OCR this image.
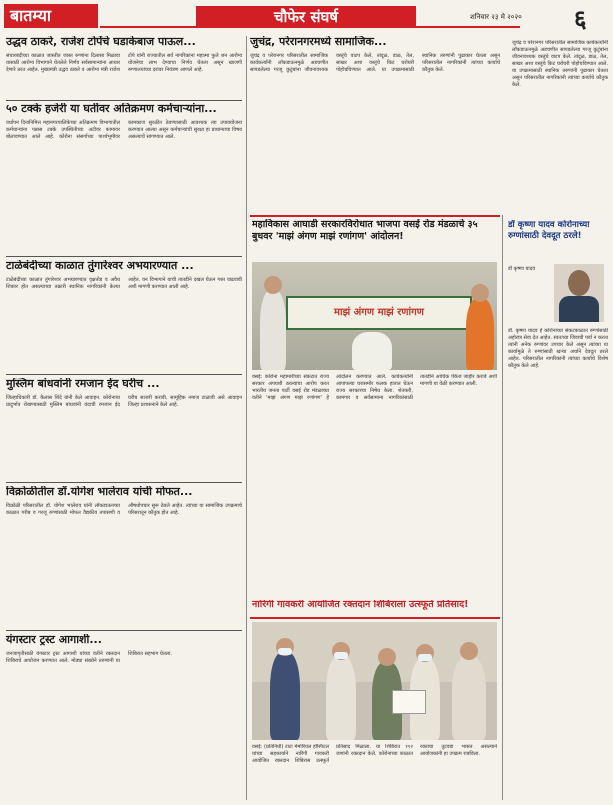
बातम्या	चौफेर संघर्ष	शनिवार २३ मे २०२० ६
उद्धव ठाकरे, राजेश टोपेंचे घडाकेबाज पाऊल...
संचारबंदीच्या काळात जास्तीत जास्त रुग्णांना दिलासा मिळावा यासाठी आरोग्य विभागाने घेतलेले निर्णय सर्वसामान्यांना आधार देणारे ठरत आहेत. मुख्यमंत्री उद्धव ठाकरे व आरोग्य मंत्री राजेश टोपे यांनी राज्यातील सर्व नागरिकांना महात्मा फुले जन आरोग्य योजनेचा लाभ देण्याचा निर्णय घेतला असून खाजगी रुग्णालयांच्या दरांवर नियंत्रण आणले आहे.
५० टक्के हजेरी या घर्तीवर अतिक्रमण कर्मचाऱ्यांना...
वर्धापन दिनानिमित्त महानगरपालिकेच्या अतिक्रमण विभागातील कर्मचाऱ्यांना पन्नास टक्के उपस्थितीच्या अटीवर कामावर बोलावण्यात आले आहे. कोरोना संसर्गाच्या पार्श्वभूमीवर कामकाज सुरळीत ठेवण्यासाठी आवश्यक त्या उपाययोजना करण्यात आल्या असून कर्मचाऱ्यांची सुरक्षा हा प्राधान्याचा विषय असल्याचे सांगण्यात आले.
टाळेबंदीच्या काळात तुंगारेश्वर अभयारण्यात ...
टाळेबंदीच्या काळात तुंगारेश्वर अभयारण्यात वृक्षतोड व अवैध शिकार होत असल्याच्या तक्रारी स्थानिक नागरिकांनी केल्या आहेत. वन विभागाने याची तातडीने दखल घेऊन गस्त वाढवावी अशी मागणी करण्यात आली आहे.
मुस्लिम बांधवांनी रमजान ईद घरीच ...
जिल्हाधिकारी डॉ. कैलास शिंदे यांनी केले आवाहन. कोरोनाचा प्रादुर्भाव रोखण्यासाठी मुस्लिम बांधवांनी यंदाची रमजान ईद घरीच साजरी करावी, सामूहिक नमाज टाळावी असे आवाहन जिल्हा प्रशासनाने केले आहे.
विक्रोळीतील डॉ.योगेश भालेराव यांची मोफत...
विक्रोळी परिसरातील डॉ. योगेश भालेराव यांनी लॉकडाऊनच्या काळात गरीब व गरजू रुग्णांसाठी मोफत वैद्यकीय तपासणी व औषधोपचार सुरू ठेवले आहेत. त्यांच्या या सामाजिक उपक्रमाचे परिसरातून कौतुक होत आहे.
यंगस्टार ट्रस्ट आगाशी...
जनजागृतीसाठी यंगस्टार ट्रस्ट आगाशी यांच्या वतीने रक्तदान शिबिराचे आयोजन करण्यात आले. मोठ्या संख्येने तरुणांनी या शिबिरात सहभाग घेतला.
जुचंद्र, परेरानगरमध्ये सामाजिक...
जुचंद्र व परेरानगर परिसरातील सामाजिक कार्यकर्त्यांनी लॉकडाऊनमुळे अडचणीत सापडलेल्या गरजू कुटुंबांना जीवनावश्यक वस्तूंचे वाटप केले. तांदूळ, डाळ, तेल, साखर अशा वस्तूंचे किट घरोघरी पोहोचविण्यात आले. या उपक्रमासाठी स्थानिक तरुणांनी पुढाकार घेतला असून परिसरातील नागरिकांनी त्यांच्या कार्याचे कौतुक केले.
जुचंद्र व परेरानगर परिसरातील सामाजिक कार्यकर्त्यांनी लॉकडाऊनमुळे अडचणीत सापडलेल्या गरजू कुटुंबांना जीवनावश्यक वस्तूंचे वाटप केले. तांदूळ, डाळ, तेल, साखर अशा वस्तूंचे किट घरोघरी पोहोचविण्यात आले. या उपक्रमासाठी स्थानिक तरुणांनी पुढाकार घेतला असून परिसरातील नागरिकांनी त्यांच्या कार्याचे कौतुक केले.
महाविकास आघाडी सरकारविरोधात भाजपा वसई रोड मंडळाचे ३५ बुधवर 'माझं अंगण माझं रणांगण' आंदोलन!
माझं अंगण माझं रणांगण
वसई: कोरोना महामारीच्या संकटात राज्य सरकार अपयशी ठरल्याचा आरोप करत भारतीय जनता पार्टी वसई रोड मंडळाच्या वतीने 'माझं अंगण माझं रणांगण' हे आंदोलन करण्यात आले. कार्यकर्त्यांनी आपापल्या घरासमोर फलक हातात घेऊन राज्य सरकारचा निषेध केला. शेतकरी, कामगार व सर्वसामान्य नागरिकांसाठी तातडीने आर्थिक पॅकेज जाहीर करावे अशी मागणी या वेळी करण्यात आली.
डॉ कृष्णा यादव कोरोनाच्या रुग्णांसाठी देवदूत ठरले!
डॉ कृष्णा यादव
डॉ. कृष्णा यादव हे कोरोनाच्या संकटकाळात रुग्णांसाठी अहोरात्र सेवा देत आहेत. स्वतःच्या जिवाची पर्वा न करता त्यांनी अनेक रुग्णांवर उपचार केले असून त्यांच्या या कार्यामुळे ते रुग्णांसाठी खऱ्या अर्थाने देवदूत ठरले आहेत. परिसरातील नागरिकांनी त्यांच्या कार्याचे विशेष कौतुक केले आहे.
नारिंगी गावकरी आयोजित रक्तदान शिबिराला उत्स्फूर्त प्रतिसाद!
वसई: (प्रतिनिधी) टाटा मेमोरियल हॉस्पिटल यांच्या सहकार्याने नारिंगी गावकरी आयोजित रक्तदान शिबिरास उत्स्फूर्त प्रतिसाद मिळाला. या शिबिरात ११२ जणांनी रक्तदान केले. कोरोनाच्या काळात रक्ताचा तुटवडा भासत असल्याने आयोजकांनी हा उपक्रम राबविला.
